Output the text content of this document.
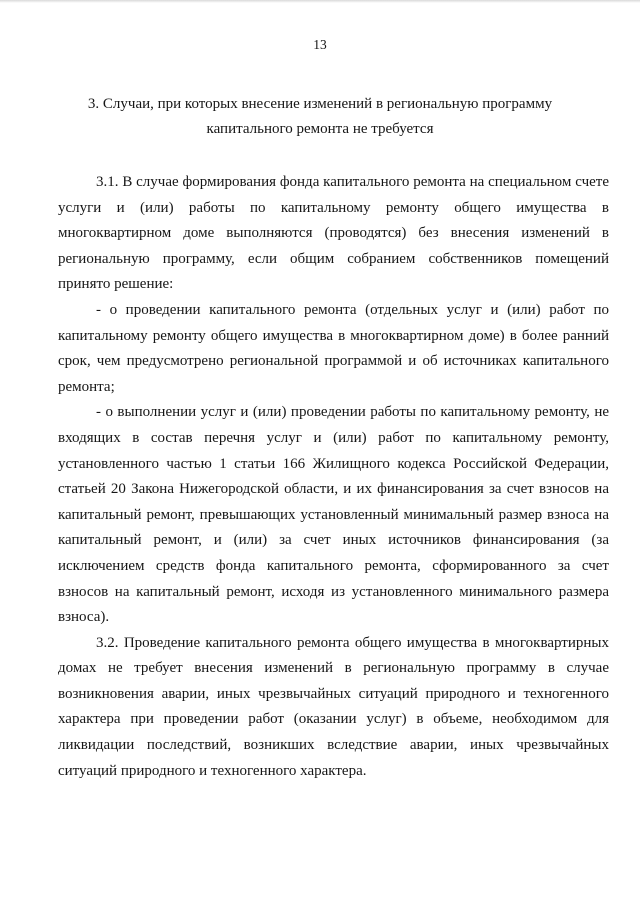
13
3. Случаи, при которых внесение изменений в региональную программу
капитального ремонта не требуется

3.1. В случае формирования фонда капитального ремонта на специальном счете услуги и (или) работы по капитальному ремонту общего имущества в многоквартирном доме выполняются (проводятся) без внесения изменений в региональную программу, если общим собранием собственников помещений принято решение:

- о проведении капитального ремонта (отдельных услуг и (или) работ по капитальному ремонту общего имущества в многоквартирном доме) в более ранний срок, чем предусмотрено региональной программой и об источниках капитального ремонта;

- о выполнении услуг и (или) проведении работы по капитальному ремонту, не входящих в состав перечня услуг и (или) работ по капитальному ремонту, установленного частью 1 статьи 166 Жилищного кодекса Российской Федерации, статьей 20 Закона Нижегородской области, и их финансирования за счет взносов на капитальный ремонт, превышающих установленный минимальный размер взноса на капитальный ремонт, и (или) за счет иных источников финансирования (за исключением средств фонда капитального ремонта, сформированного за счет взносов на капитальный ремонт, исходя из установленного минимального размера взноса).

3.2. Проведение капитального ремонта общего имущества в многоквартирных домах не требует внесения изменений в региональную программу в случае возникновения аварии, иных чрезвычайных ситуаций природного и техногенного характера при проведении работ (оказании услуг) в объеме, необходимом для ликвидации последствий, возникших вследствие аварии, иных чрезвычайных ситуаций природного и техногенного характера.
